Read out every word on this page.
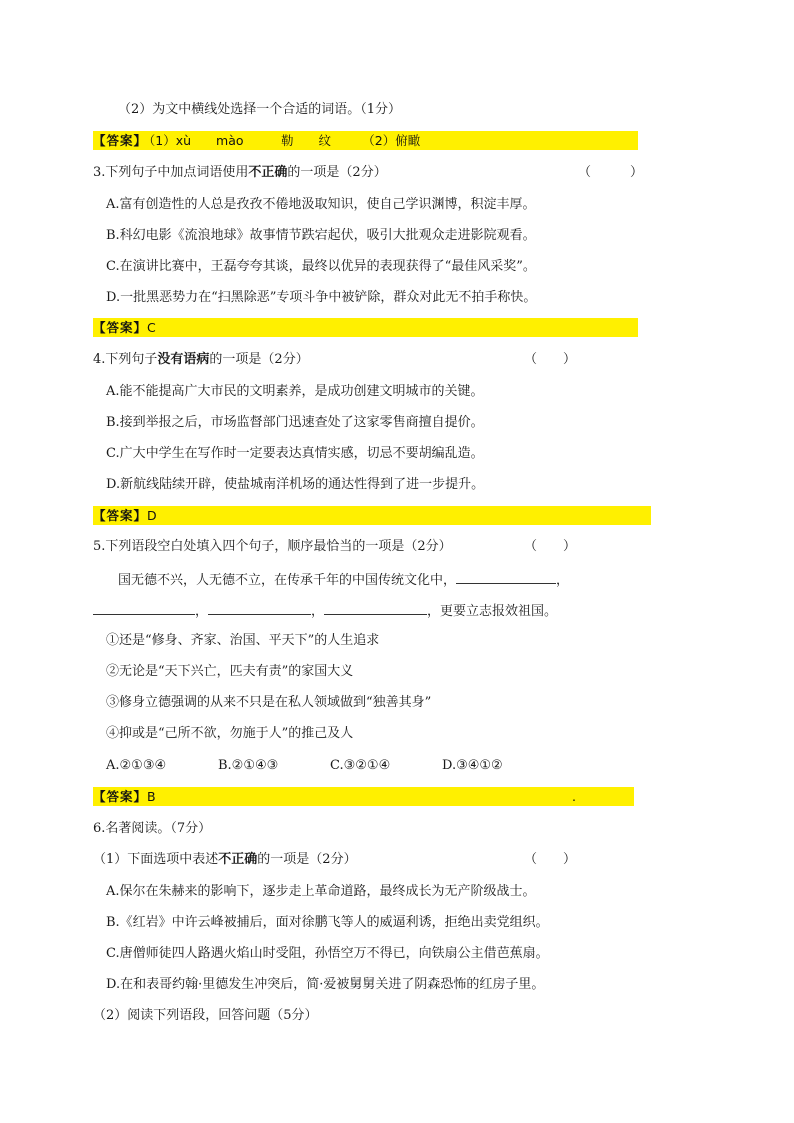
（2）为文中横线处选择一个合适的词语。（1分）
【答案】 （1）xù　　mào　　　勒　　纹　　　（2）俯瞰
3.下列句子中加点词语使用不正确的一项是（2分）	（　　　）
A.富有创造性的人总是孜孜不倦地汲取知识，使自己学识渊博，积淀丰厚。
B.科幻电影《流浪地球》故事情节跌宕起伏，吸引大批观众走进影院观看。
C.在演讲比赛中，王磊夸夸其谈，最终以优异的表现获得了“最佳风采奖”。
D.一批黑恶势力在“扫黑除恶”专项斗争中被铲除，群众对此无不拍手称快。
【答案】C
4.下列句子没有语病的一项是（2分）	（　　）
A.能不能提高广大市民的文明素养，是成功创建文明城市的关键。
B.接到举报之后，市场监督部门迅速查处了这家零售商擅自提价。
C.广大中学生在写作时一定要表达真情实感，切忌不要胡编乱造。
D.新航线陆续开辟，使盐城南洋机场的通达性得到了进一步提升。
【答案】D
5.下列语段空白处填入四个句子，顺序最恰当的一项是（2分）	（　　）
国无德不兴，人无德不立，在传承千年的中国传统文化中，	，
，	，	，更要立志报效祖国。
①还是“修身、齐家、治国、平天下”的人生追求
②无论是“天下兴亡，匹夫有责”的家国大义
③修身立德强调的从来不只是在私人领域做到“独善其身”
④抑或是“己所不欲，勿施于人”的推己及人
A.②①③④	B.②①④③	C.③②①④	D.③④①②
【答案】B	.
6.名著阅读。（7分）
（1）下面选项中表述不正确的一项是（2分）	（　　）
A.保尔在朱赫来的影响下，逐步走上革命道路，最终成长为无产阶级战士。
B.《红岩》中许云峰被捕后，面对徐鹏飞等人的威逼利诱，拒绝出卖党组织。
C.唐僧师徒四人路遇火焰山时受阻，孙悟空万不得已，向铁扇公主借芭蕉扇。
D.在和表哥约翰·里德发生冲突后，简·爱被舅舅关进了阴森恐怖的红房子里。
（2）阅读下列语段，回答问题（5分）
